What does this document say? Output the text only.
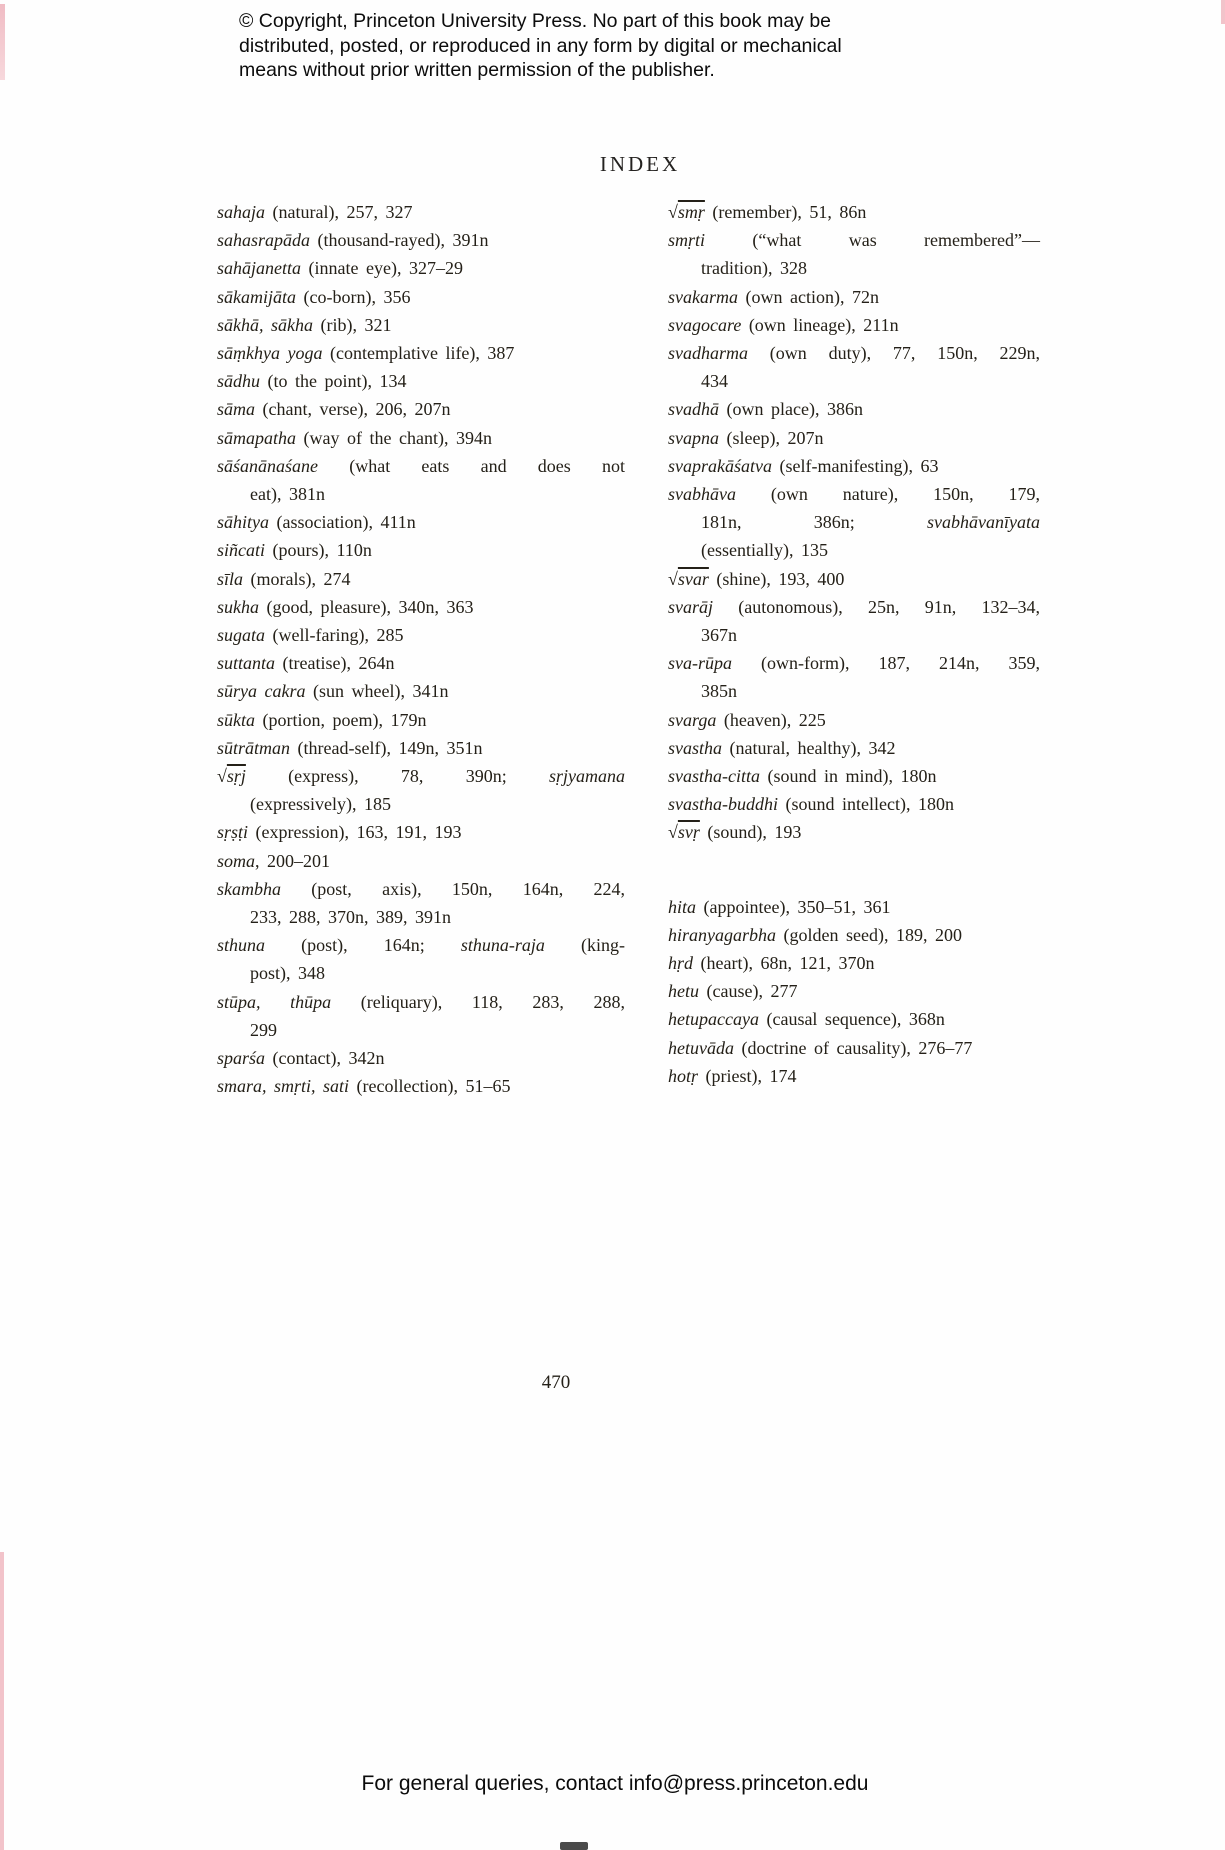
© Copyright, Princeton University Press. No part of this book may be
distributed, posted, or reproduced in any form by digital or mechanical
means without prior written permission of the publisher.
INDEX
sahaja (natural), 257, 327
sahasrapāda (thousand-rayed), 391n
sahājanetta (innate eye), 327–29
sākamijāta (co-born), 356
sākhā, sākha (rib), 321
sāṃkhya yoga (contemplative life), 387
sādhu (to the point), 134
sāma (chant, verse), 206, 207n
sāmapatha (way of the chant), 394n
sāśanānaśane (what eats and does not
eat), 381n
sāhitya (association), 411n
siñcati (pours), 110n
sīla (morals), 274
sukha (good, pleasure), 340n, 363
sugata (well-faring), 285
suttanta (treatise), 264n
sūrya cakra (sun wheel), 341n
sūkta (portion, poem), 179n
sūtrātman (thread-self), 149n, 351n
√sṛj (express), 78, 390n; sṛjyamana
(expressively), 185
sṛṣṭi (expression), 163, 191, 193
soma, 200–201
skambha (post, axis), 150n, 164n, 224,
233, 288, 370n, 389, 391n
sthuna (post), 164n; sthuna-raja (king-
post), 348
stūpa, thūpa (reliquary), 118, 283, 288,
299
sparśa (contact), 342n
smara, smṛti, sati (recollection), 51–65
√smṛ (remember), 51, 86n
smṛti (“what was remembered”—
tradition), 328
svakarma (own action), 72n
svagocare (own lineage), 211n
svadharma (own duty), 77, 150n, 229n,
434
svadhā (own place), 386n
svapna (sleep), 207n
svaprakāśatva (self-manifesting), 63
svabhāva (own nature), 150n, 179,
181n, 386n; svabhāvanīyata
(essentially), 135
√svar (shine), 193, 400
svarāj (autonomous), 25n, 91n, 132–34,
367n
sva-rūpa (own-form), 187, 214n, 359,
385n
svarga (heaven), 225
svastha (natural, healthy), 342
svastha-citta (sound in mind), 180n
svastha-buddhi (sound intellect), 180n
√svṛ (sound), 193
hita (appointee), 350–51, 361
hiranyagarbha (golden seed), 189, 200
hṛd (heart), 68n, 121, 370n
hetu (cause), 277
hetupaccaya (causal sequence), 368n
hetuvāda (doctrine of causality), 276–77
hotṛ (priest), 174
470
For general queries, contact info@press.princeton.edu
